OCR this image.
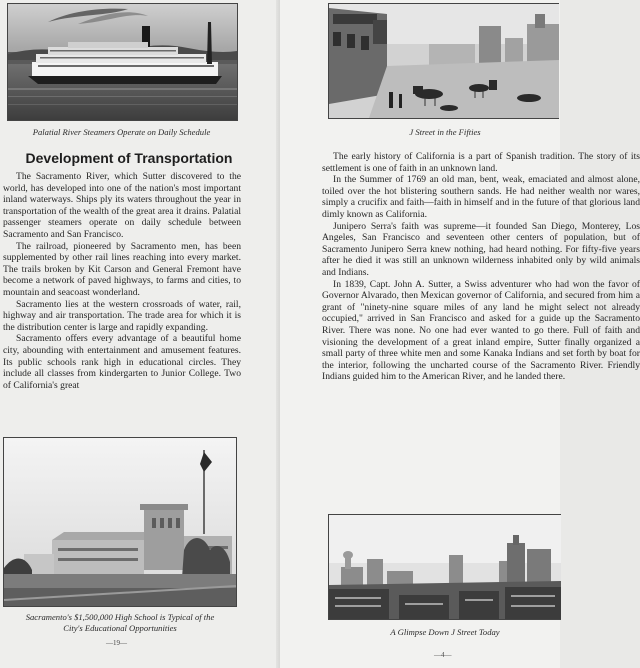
Palatial River Steamers Operate on Daily Schedule
Development of Transportation

The Sacramento River, which Sutter discovered to the world, has developed into one of the nation's most important inland waterways. Ships ply its waters throughout the year in transportation of the wealth of the great area it drains. Palatial passenger steamers operate on daily schedule between Sacramento and San Francisco.

The railroad, pioneered by Sacramento men, has been supplemented by other rail lines reaching into every market. The trails broken by Kit Carson and General Fremont have become a network of paved highways, to farms and cities, to mountain and seacoast wonderland.

Sacramento lies at the western crossroads of water, rail, highway and air transportation. The trade area for which it is the distribution center is large and rapidly expanding.

Sacramento offers every advantage of a beautiful home city, abounding with entertainment and amusement features. Its public schools rank high in educational circles. They include all classes from kindergarten to Junior College. Two of California's great

Sacramento's $1,500,000 High School is Typical of the
City's Educational Opportunities
—19—
J Street in the Fifties

The early history of California is a part of Spanish tradition. The story of its settlement is one of faith in an unknown land.

In the Summer of 1769 an old man, bent, weak, emaciated and almost alone, toiled over the hot blistering southern sands. He had neither wealth nor wares, simply a crucifix and faith—faith in himself and in the future of that glorious land dimly known as California.

Junipero Serra's faith was supreme—it founded San Diego, Monterey, Los Angeles, San Francisco and seventeen other centers of population, but of Sacramento Junipero Serra knew nothing, had heard nothing. For fifty-five years after he died it was still an unknown wilderness inhabited only by wild animals and Indians.

In 1839, Capt. John A. Sutter, a Swiss adventurer who had won the favor of Governor Alvarado, then Mexican governor of California, and secured from him a grant of "ninety-nine square miles of any land he might select not already occupied," arrived in San Francisco and asked for a guide up the Sacramento River. There was none. No one had ever wanted to go there. Full of faith and visioning the development of a great inland empire, Sutter finally organized a small party of three white men and some Kanaka Indians and set forth by boat for the interior, following the uncharted course of the Sacramento River. Friendly Indians guided him to the American River, and he landed there.

A Glimpse Down J Street Today
—4—
